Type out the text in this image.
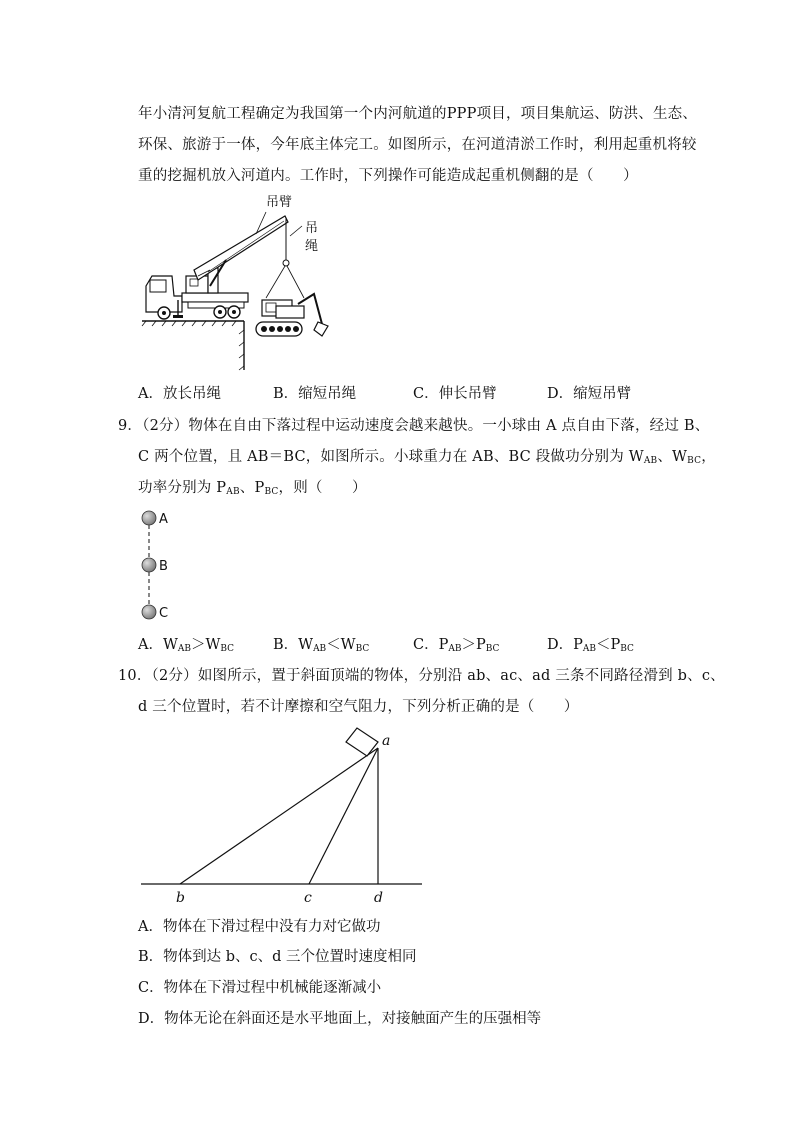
年小清河复航工程确定为我国第一个内河航道的PPP项目，项目集航运、防洪、生态、
环保、旅游于一体，今年底主体完工。如图所示，在河道清淤工作时，利用起重机将较
重的挖掘机放入河道内。工作时，下列操作可能造成起重机侧翻的是（　　）
吊臂
吊
绳
A．放长吊绳	B．缩短吊绳	C．伸长吊臂	D．缩短吊臂
9．（2分）物体在自由下落过程中运动速度会越来越快。一小球由 A 点自由下落，经过 B、
C 两个位置，且 AB＝BC，如图所示。小球重力在 AB、BC 段做功分别为 $W_{AB}$、$W_{BC}$，
功率分别为 $P_{AB}$、$P_{BC}$，则（　　）
A
B
C
A．$W_{AB}>W_{BC}$	B．$W_{AB}<W_{BC}$	C．$P_{AB}>P_{BC}$	D．$P_{AB}<P_{BC}$
10．（2分）如图所示，置于斜面顶端的物体，分别沿 ab、ac、ad 三条不同路径滑到 b、c、
d 三个位置时，若不计摩擦和空气阻力，下列分析正确的是（　　）
a
b	c	d
A．物体在下滑过程中没有力对它做功
B．物体到达 b、c、d 三个位置时速度相同
C．物体在下滑过程中机械能逐渐减小
D．物体无论在斜面还是水平地面上，对接触面产生的压强相等
